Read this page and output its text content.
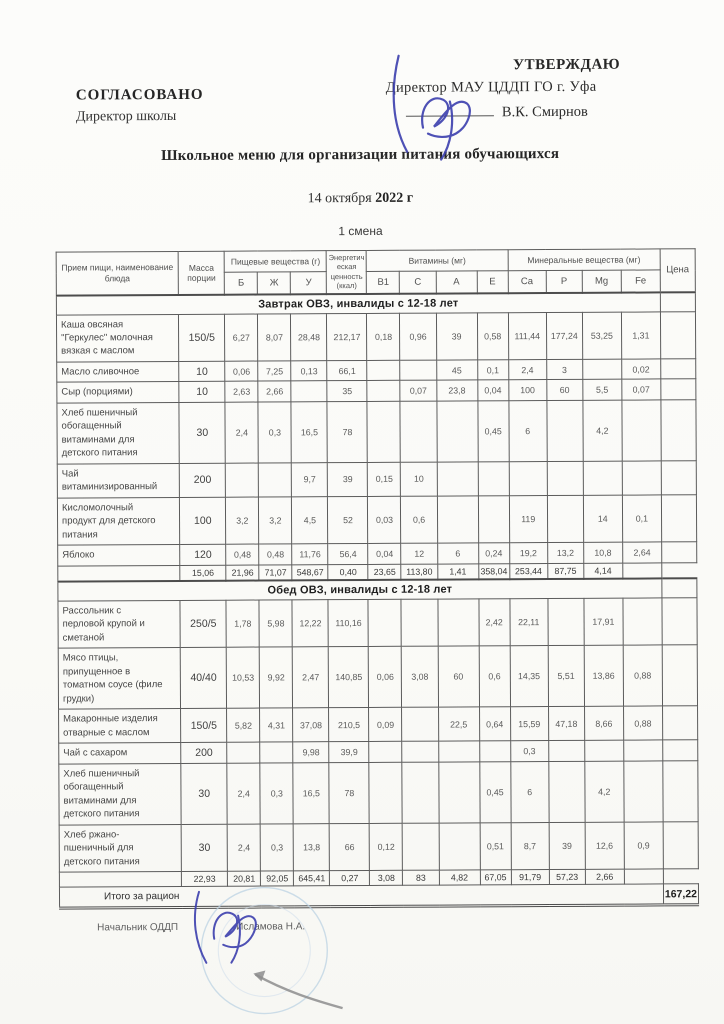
СОГЛАСОВАНО
Директор школы
УТВЕРЖДАЮ
Директор МАУ ЦДДП ГО г. Уфа
В.К. Смирнов
Школьное меню для организации питания обучающихся
14 октября 2022 г
1 смена
Прием пищи, наименование блюда	Масса порции	Пищевые вещества (г)			Энергетическая ценность (ккал)	Витамины (мг)				Минеральные вещества (мг)				Цена
		Б	Ж	У		B1	C	A	E	Ca	P	Mg	Fe	
Завтрак ОВЗ, инвалиды с 12-18 лет														
Каша овсяная
"Геркулес" молочная
вязкая с маслом	150/5	6,27	8,07	28,48	212,17	0,18	0,96	39	0,58	111,44	177,24	53,25	1,31	
Масло сливочное	10	0,06	7,25	0,13	66,1			45	0,1	2,4	3		0,02	
Сыр (порциями)	10	2,63	2,66		35		0,07	23,8	0,04	100	60	5,5	0,07	
Хлеб пшеничный
обогащенный
витаминами для
детского питания	30	2,4	0,3	16,5	78				0,45	6		4,2		
Чай
витаминизированный	200			9,7	39	0,15	10							
Кисломолочный
продукт для детского
питания	100	3,2	3,2	4,5	52	0,03	0,6			119		14	0,1	
Яблоко	120	0,48	0,48	11,76	56,4	0,04	12	6	0,24	19,2	13,2	10,8	2,64	
	15,06	21,96	71,07	548,67	0,40	23,65	113,80	1,41	358,04	253,44	87,75	4,14		
Обед ОВЗ, инвалиды с 12-18 лет														
Рассольник с
перловой крупой и
сметаной	250/5	1,78	5,98	12,22	110,16				2,42	22,11		17,91		
Мясо птицы,
припущенное в
томатном соусе (филе
грудки)	40/40	10,53	9,92	2,47	140,85	0,06	3,08	60	0,6	14,35	5,51	13,86	0,88	
Макаронные изделия
отварные с маслом	150/5	5,82	4,31	37,08	210,5	0,09		22,5	0,64	15,59	47,18	8,66	0,88	
Чай с сахаром	200			9,98	39,9					0,3				
Хлеб пшеничный
обогащенный
витаминами для
детского питания	30	2,4	0,3	16,5	78				0,45	6		4,2		
Хлеб ржано-
пшеничный для
детского питания	30	2,4	0,3	13,8	66	0,12			0,51	8,7	39	12,6	0,9	
	22,93	20,81	92,05	645,41	0,27	3,08	83	4,82	67,05	91,79	57,23	2,66		
Итого за рацион														167,22
Начальник ОДДП	Исламова Н.А.
